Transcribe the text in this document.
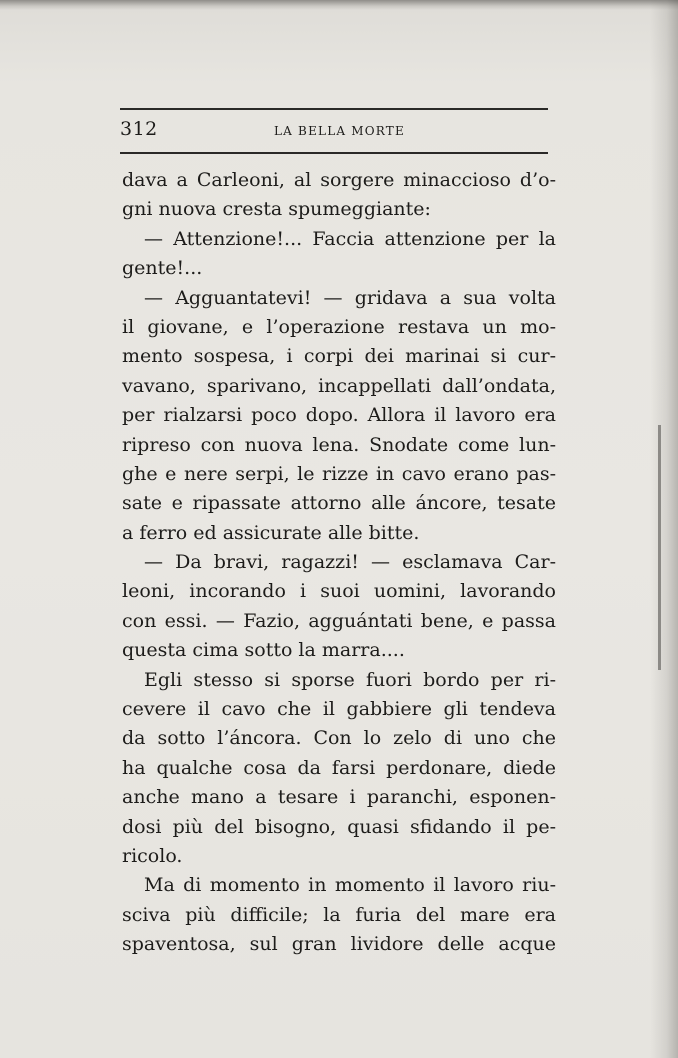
312	LA BELLA MORTE
dava a Carleoni, al sorgere minaccioso d’o-
gni nuova cresta spumeggiante:
— Attenzione!... Faccia attenzione per la
gente!...
— Agguantatevi! — gridava a sua volta
il giovane, e l’operazione restava un mo-
mento sospesa, i corpi dei marinai si cur-
vavano, sparivano, incappellati dall’ondata,
per rialzarsi poco dopo. Allora il lavoro era
ripreso con nuova lena. Snodate come lun-
ghe e nere serpi, le rizze in cavo erano pas-
sate e ripassate attorno alle áncore, tesate
a ferro ed assicurate alle bitte.
— Da bravi, ragazzi! — esclamava Car-
leoni, incorando i suoi uomini, lavorando
con essi. — Fazio, agguántati bene, e passa
questa cima sotto la marra....
Egli stesso si sporse fuori bordo per ri-
cevere il cavo che il gabbiere gli tendeva
da sotto l’áncora. Con lo zelo di uno che
ha qualche cosa da farsi perdonare, diede
anche mano a tesare i paranchi, esponen-
dosi più del bisogno, quasi sfidando il pe-
ricolo.
Ma di momento in momento il lavoro riu-
sciva più difficile; la furia del mare era
spaventosa, sul gran lividore delle acque
